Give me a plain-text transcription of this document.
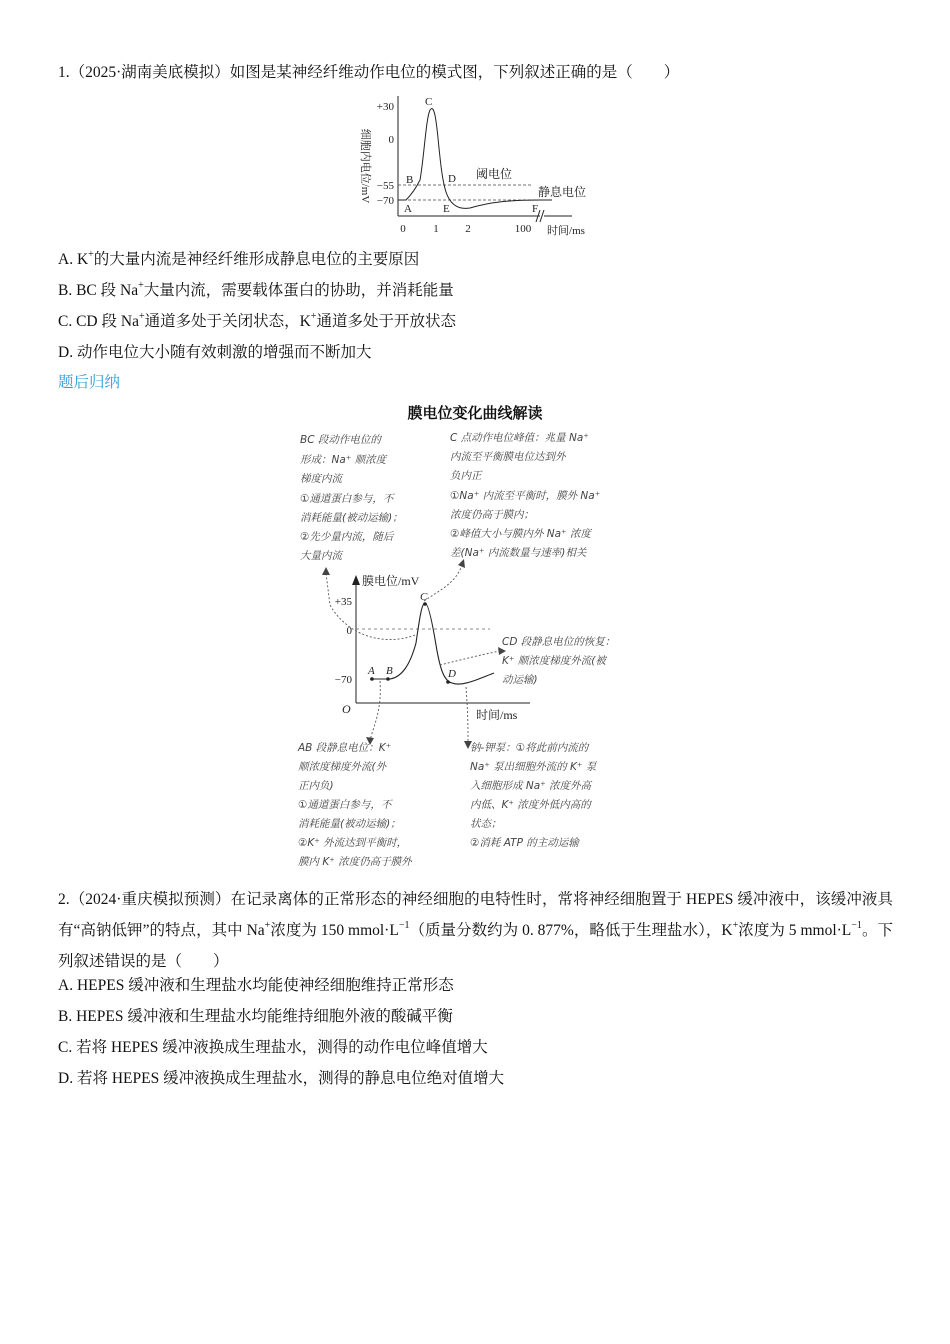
1.（2025·湖南美底模拟）如图是某神经纤维动作电位的模式图，下列叙述正确的是（　　）
细胞内电位/mV
+30
0
−55
−70
0	1 2	100 时间/ms
阈电位
静息电位
A
B
C
D
E	F
A. K+的大量内流是神经纤维形成静息电位的主要原因
B. BC 段 Na+大量内流，需要载体蛋白的协助，并消耗能量
C. CD 段 Na+通道多处于关闭状态，K+通道多处于开放状态
D. 动作电位大小随有效刺激的增强而不断加大
题后归纳
膜电位变化曲线解读
BC 段动作电位的
形成：Na⁺ 顺浓度
梯度内流
①通道蛋白参与，不
消耗能量(被动运输)；
②先少量内流，随后
大量内流
C 点动作电位峰值：兆量 Na⁺
内流至平衡膜电位达到外
负内正
①Na⁺ 内流至平衡时，膜外 Na⁺
浓度仍高于膜内；
②峰值大小与膜内外 Na⁺ 浓度
差(Na⁺ 内流数量与速率)相关
膜电位/mV
时间/ms
O
+35
0
−70
A B
C
D
CD 段静息电位的恢复：
K⁺ 顺浓度梯度外流(被
动运输)
AB 段静息电位：K⁺
顺浓度梯度外流(外
正内负)
①通道蛋白参与，不
消耗能量(被动运输)；
②K⁺ 外流达到平衡时，
膜内 K⁺ 浓度仍高于膜外
钠-钾泵：①将此前内流的
Na⁺ 泵出细胞外流的 K⁺ 泵
入细胞形成 Na⁺ 浓度外高
内低、K⁺ 浓度外低内高的
状态；
②消耗 ATP 的主动运输
2.（2024·重庆模拟预测）在记录离体的正常形态的神经细胞的电特性时，常将神经细胞置于 HEPES 缓冲液中，该缓冲液具有“高钠低钾”的特点，其中 Na+浓度为 150 $mmol\cdot L^{-1}$（质量分数约为 0. 877%，略低于生理盐水），K+浓度为 5 $mmol\cdot L^{-1}$。下列叙述错误的是（　　）
A. HEPES 缓冲液和生理盐水均能使神经细胞维持正常形态
B. HEPES 缓冲液和生理盐水均能维持细胞外液的酸碱平衡
C. 若将 HEPES 缓冲液换成生理盐水，测得的动作电位峰值增大
D. 若将 HEPES 缓冲液换成生理盐水，测得的静息电位绝对值增大
